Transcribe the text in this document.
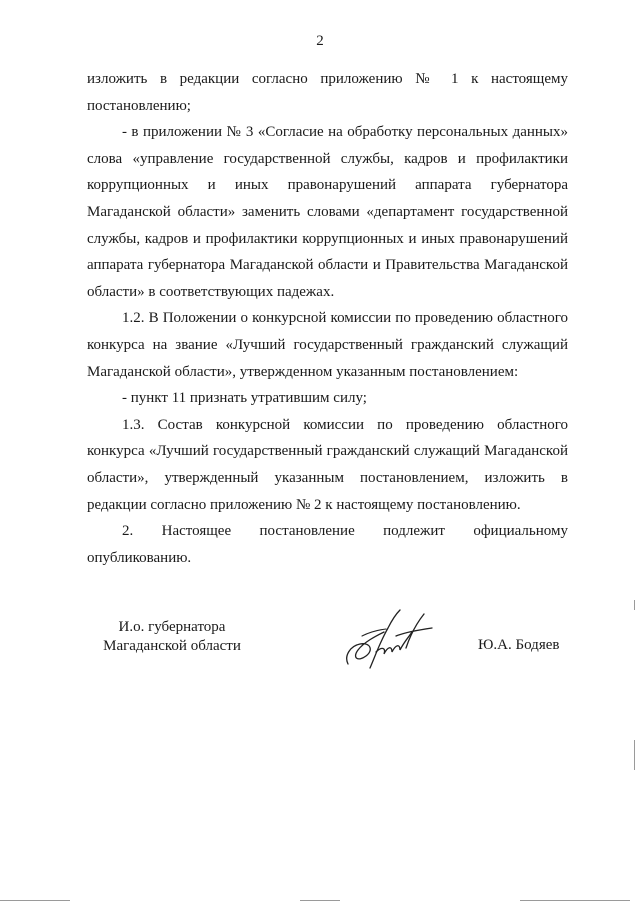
2

изложить в редакции согласно приложению № 1 к настоящему постановлению;

- в приложении № 3 «Согласие на обработку персональных данных» слова «управление государственной службы, кадров и профилактики коррупционных и иных правонарушений аппарата губернатора Магаданской области» заменить словами «департамент государственной службы, кадров и профилактики коррупционных и иных правонарушений аппарата губернатора Магаданской области и Правительства Магаданской области» в соответствующих падежах.

1.2. В Положении о конкурсной комиссии по проведению областного конкурса на звание «Лучший государственный гражданский служащий Магаданской области», утвержденном указанным постановлением:

- пункт 11 признать утратившим силу;

1.3. Состав конкурсной комиссии по проведению областного конкурса «Лучший государственный гражданский служащий Магаданской области», утвержденный указанным постановлением, изложить в редакции согласно приложению № 2 к настоящему постановлению.

2. Настоящее постановление подлежит официальному опубликованию.

И.о. губернатора
Магаданской области	Ю.А. Бодяев
